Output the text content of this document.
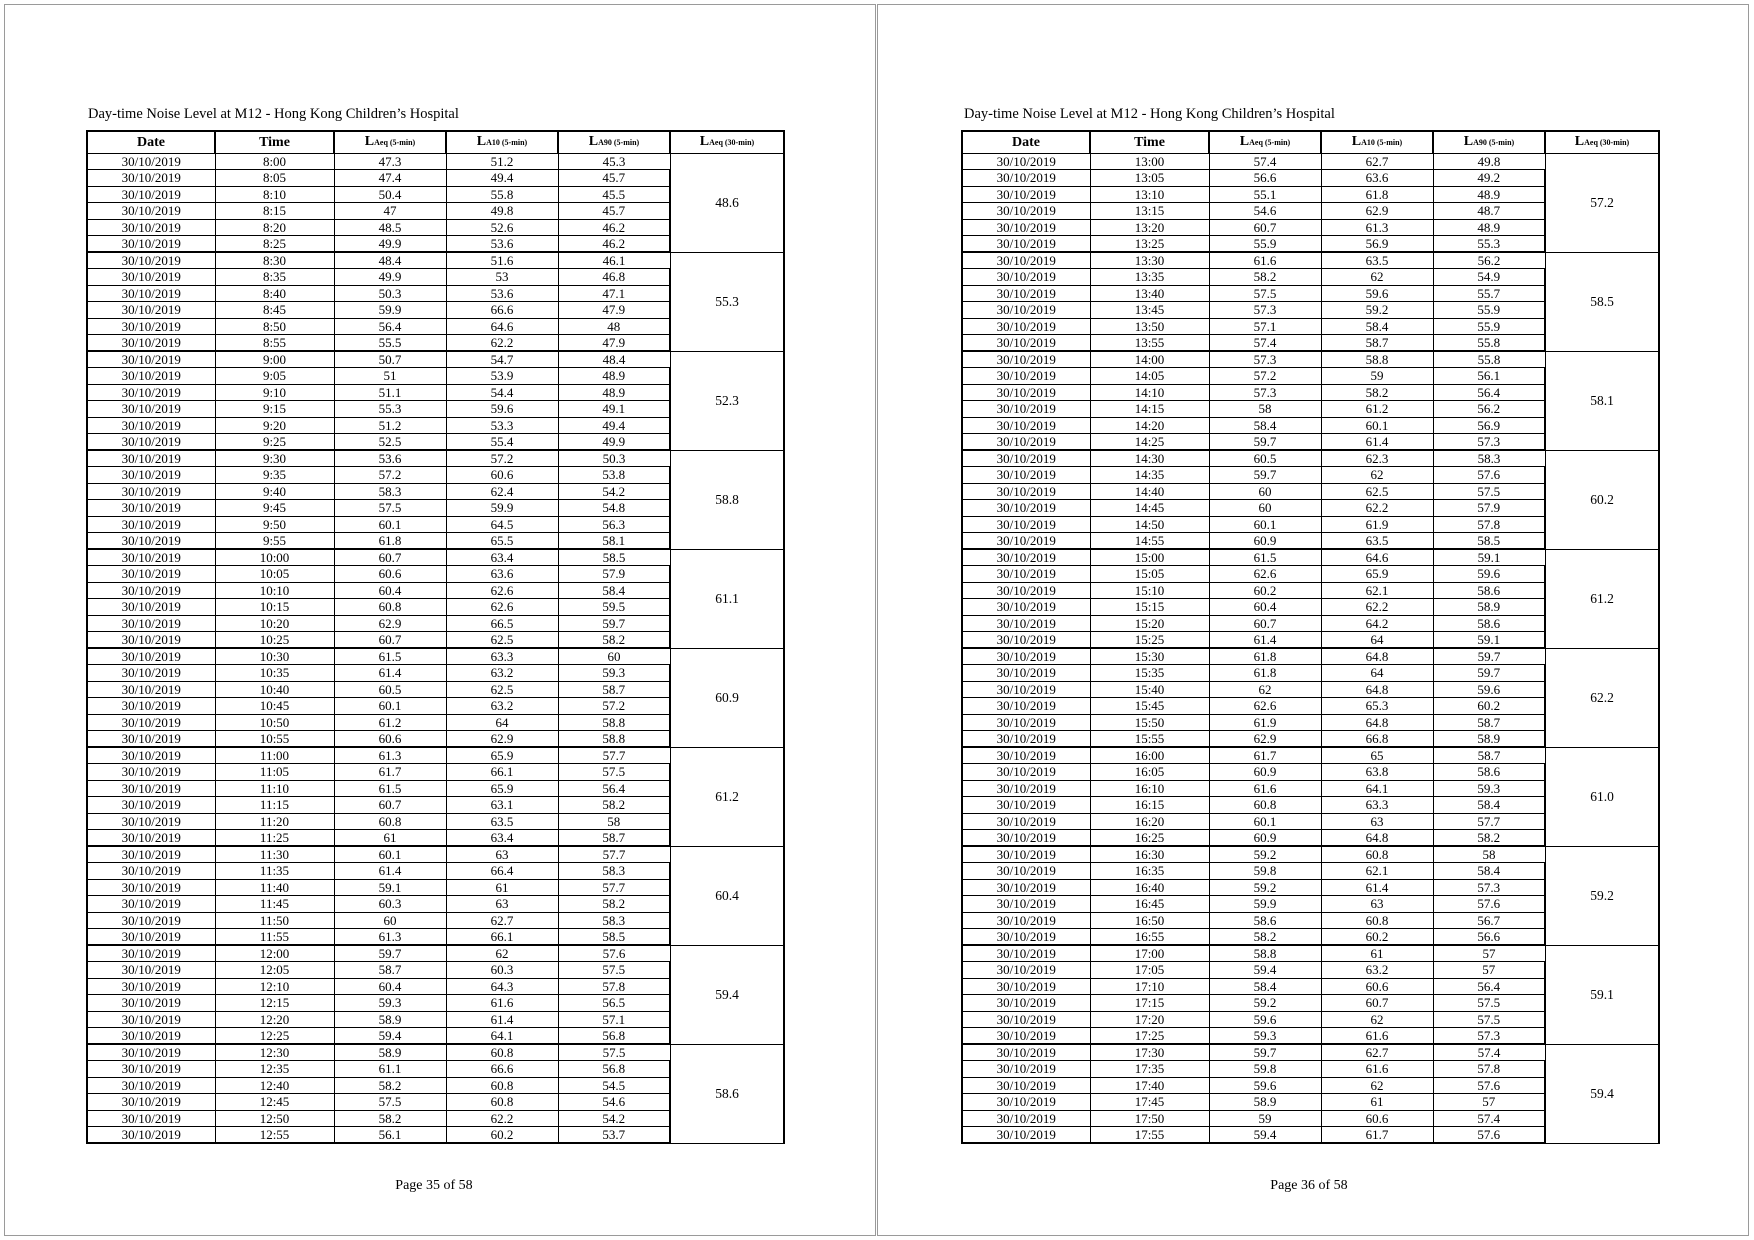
Day-time Noise Level at M12 - Hong Kong Children’s Hospital
Date	Time	LAeq (5-min)	LA10 (5-min)	LA90 (5-min)	LAeq (30-min)
30/10/2019	8:00	47.3	51.2	45.3	48.6
30/10/2019	8:05	47.4	49.4	45.7	
30/10/2019	8:10	50.4	55.8	45.5	
30/10/2019	8:15	47	49.8	45.7	
30/10/2019	8:20	48.5	52.6	46.2	
30/10/2019	8:25	49.9	53.6	46.2	
30/10/2019	8:30	48.4	51.6	46.1	55.3
30/10/2019	8:35	49.9	53	46.8	
30/10/2019	8:40	50.3	53.6	47.1	
30/10/2019	8:45	59.9	66.6	47.9	
30/10/2019	8:50	56.4	64.6	48	
30/10/2019	8:55	55.5	62.2	47.9	
30/10/2019	9:00	50.7	54.7	48.4	52.3
30/10/2019	9:05	51	53.9	48.9	
30/10/2019	9:10	51.1	54.4	48.9	
30/10/2019	9:15	55.3	59.6	49.1	
30/10/2019	9:20	51.2	53.3	49.4	
30/10/2019	9:25	52.5	55.4	49.9	
30/10/2019	9:30	53.6	57.2	50.3	58.8
30/10/2019	9:35	57.2	60.6	53.8	
30/10/2019	9:40	58.3	62.4	54.2	
30/10/2019	9:45	57.5	59.9	54.8	
30/10/2019	9:50	60.1	64.5	56.3	
30/10/2019	9:55	61.8	65.5	58.1	
30/10/2019	10:00	60.7	63.4	58.5	61.1
30/10/2019	10:05	60.6	63.6	57.9	
30/10/2019	10:10	60.4	62.6	58.4	
30/10/2019	10:15	60.8	62.6	59.5	
30/10/2019	10:20	62.9	66.5	59.7	
30/10/2019	10:25	60.7	62.5	58.2	
30/10/2019	10:30	61.5	63.3	60	60.9
30/10/2019	10:35	61.4	63.2	59.3	
30/10/2019	10:40	60.5	62.5	58.7	
30/10/2019	10:45	60.1	63.2	57.2	
30/10/2019	10:50	61.2	64	58.8	
30/10/2019	10:55	60.6	62.9	58.8	
30/10/2019	11:00	61.3	65.9	57.7	61.2
30/10/2019	11:05	61.7	66.1	57.5	
30/10/2019	11:10	61.5	65.9	56.4	
30/10/2019	11:15	60.7	63.1	58.2	
30/10/2019	11:20	60.8	63.5	58	
30/10/2019	11:25	61	63.4	58.7	
30/10/2019	11:30	60.1	63	57.7	60.4
30/10/2019	11:35	61.4	66.4	58.3	
30/10/2019	11:40	59.1	61	57.7	
30/10/2019	11:45	60.3	63	58.2	
30/10/2019	11:50	60	62.7	58.3	
30/10/2019	11:55	61.3	66.1	58.5	
30/10/2019	12:00	59.7	62	57.6	59.4
30/10/2019	12:05	58.7	60.3	57.5	
30/10/2019	12:10	60.4	64.3	57.8	
30/10/2019	12:15	59.3	61.6	56.5	
30/10/2019	12:20	58.9	61.4	57.1	
30/10/2019	12:25	59.4	64.1	56.8	
30/10/2019	12:30	58.9	60.8	57.5	58.6
30/10/2019	12:35	61.1	66.6	56.8	
30/10/2019	12:40	58.2	60.8	54.5	
30/10/2019	12:45	57.5	60.8	54.6	
30/10/2019	12:50	58.2	62.2	54.2	
30/10/2019	12:55	56.1	60.2	53.7	
Page 35 of 58
Day-time Noise Level at M12 - Hong Kong Children’s Hospital
Date	Time	LAeq (5-min)	LA10 (5-min)	LA90 (5-min)	LAeq (30-min)
30/10/2019	13:00	57.4	62.7	49.8	57.2
30/10/2019	13:05	56.6	63.6	49.2	
30/10/2019	13:10	55.1	61.8	48.9	
30/10/2019	13:15	54.6	62.9	48.7	
30/10/2019	13:20	60.7	61.3	48.9	
30/10/2019	13:25	55.9	56.9	55.3	
30/10/2019	13:30	61.6	63.5	56.2	58.5
30/10/2019	13:35	58.2	62	54.9	
30/10/2019	13:40	57.5	59.6	55.7	
30/10/2019	13:45	57.3	59.2	55.9	
30/10/2019	13:50	57.1	58.4	55.9	
30/10/2019	13:55	57.4	58.7	55.8	
30/10/2019	14:00	57.3	58.8	55.8	58.1
30/10/2019	14:05	57.2	59	56.1	
30/10/2019	14:10	57.3	58.2	56.4	
30/10/2019	14:15	58	61.2	56.2	
30/10/2019	14:20	58.4	60.1	56.9	
30/10/2019	14:25	59.7	61.4	57.3	
30/10/2019	14:30	60.5	62.3	58.3	60.2
30/10/2019	14:35	59.7	62	57.6	
30/10/2019	14:40	60	62.5	57.5	
30/10/2019	14:45	60	62.2	57.9	
30/10/2019	14:50	60.1	61.9	57.8	
30/10/2019	14:55	60.9	63.5	58.5	
30/10/2019	15:00	61.5	64.6	59.1	61.2
30/10/2019	15:05	62.6	65.9	59.6	
30/10/2019	15:10	60.2	62.1	58.6	
30/10/2019	15:15	60.4	62.2	58.9	
30/10/2019	15:20	60.7	64.2	58.6	
30/10/2019	15:25	61.4	64	59.1	
30/10/2019	15:30	61.8	64.8	59.7	62.2
30/10/2019	15:35	61.8	64	59.7	
30/10/2019	15:40	62	64.8	59.6	
30/10/2019	15:45	62.6	65.3	60.2	
30/10/2019	15:50	61.9	64.8	58.7	
30/10/2019	15:55	62.9	66.8	58.9	
30/10/2019	16:00	61.7	65	58.7	61.0
30/10/2019	16:05	60.9	63.8	58.6	
30/10/2019	16:10	61.6	64.1	59.3	
30/10/2019	16:15	60.8	63.3	58.4	
30/10/2019	16:20	60.1	63	57.7	
30/10/2019	16:25	60.9	64.8	58.2	
30/10/2019	16:30	59.2	60.8	58	59.2
30/10/2019	16:35	59.8	62.1	58.4	
30/10/2019	16:40	59.2	61.4	57.3	
30/10/2019	16:45	59.9	63	57.6	
30/10/2019	16:50	58.6	60.8	56.7	
30/10/2019	16:55	58.2	60.2	56.6	
30/10/2019	17:00	58.8	61	57	59.1
30/10/2019	17:05	59.4	63.2	57	
30/10/2019	17:10	58.4	60.6	56.4	
30/10/2019	17:15	59.2	60.7	57.5	
30/10/2019	17:20	59.6	62	57.5	
30/10/2019	17:25	59.3	61.6	57.3	
30/10/2019	17:30	59.7	62.7	57.4	59.4
30/10/2019	17:35	59.8	61.6	57.8	
30/10/2019	17:40	59.6	62	57.6	
30/10/2019	17:45	58.9	61	57	
30/10/2019	17:50	59	60.6	57.4	
30/10/2019	17:55	59.4	61.7	57.6	
Page 36 of 58
